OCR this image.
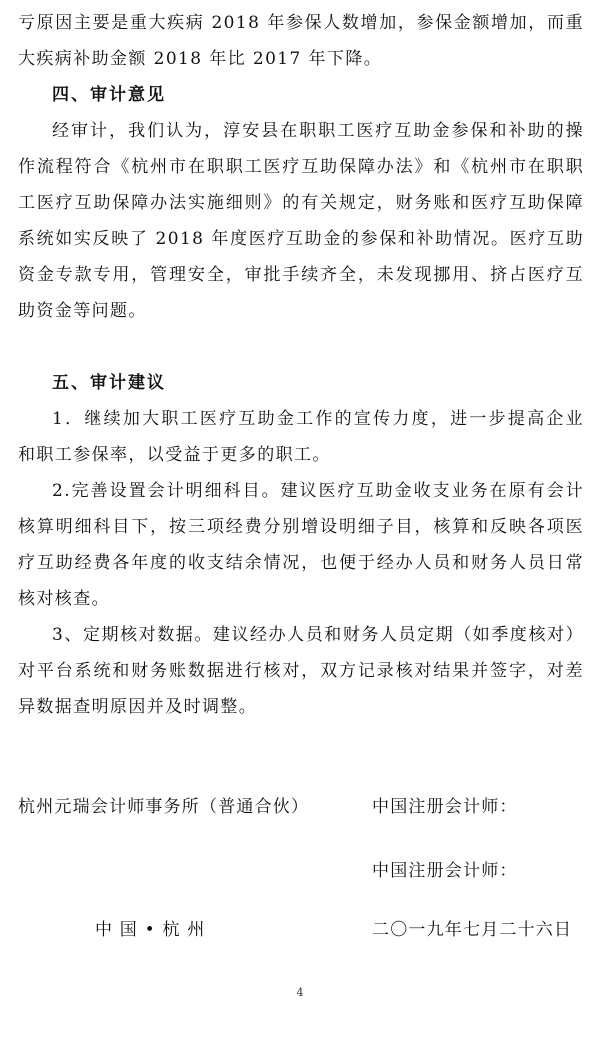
亏原因主要是重大疾病 2018 年参保人数增加，参保金额增加，而重
大疾病补助金额 2018 年比 2017 年下降。
四、审计意见
经审计，我们认为，淳安县在职职工医疗互助金参保和补助的操
作流程符合《杭州市在职职工医疗互助保障办法》和《杭州市在职职
工医疗互助保障办法实施细则》的有关规定，财务账和医疗互助保障
系统如实反映了 2018 年度医疗互助金的参保和补助情况。医疗互助
资金专款专用，管理安全，审批手续齐全，未发现挪用、挤占医疗互
助资金等问题。
五、审计建议
1．继续加大职工医疗互助金工作的宣传力度，进一步提高企业
和职工参保率，以受益于更多的职工。
2.完善设置会计明细科目。建议医疗互助金收支业务在原有会计
核算明细科目下，按三项经费分别增设明细子目，核算和反映各项医
疗互助经费各年度的收支结余情况，也便于经办人员和财务人员日常
核对核查。
3、定期核对数据。建议经办人员和财务人员定期（如季度核对）
对平台系统和财务账数据进行核对，双方记录核对结果并签字，对差
异数据查明原因并及时调整。
杭州元瑞会计师事务所（普通合伙）	中国注册会计师：
中国注册会计师：
中 国 • 杭 州	二〇一九年七月二十六日
4
